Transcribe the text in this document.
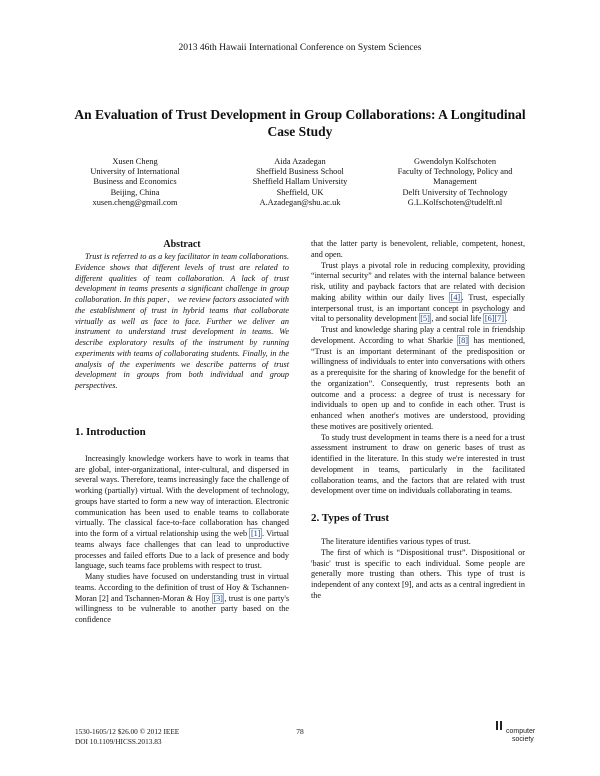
2013 46th Hawaii International Conference on System Sciences
An Evaluation of Trust Development in Group Collaborations: A Longitudinal Case Study
Xusen Cheng
University of International
Business and Economics
Beijing, China
xusen.cheng@gmail.com
Aida Azadegan
Sheffield Business School
Sheffield Hallam University
Sheffield, UK
A.Azadegan@shu.ac.uk
Gwendolyn Kolfschoten
Faculty of Technology, Policy and Management
Delft University of Technology
G.L.Kolfschoten@tudelft.nl
Abstract

Trust is referred to as a key facilitator in team collaborations. Evidence shows that different levels of trust are related to different qualities of team collaboration. A lack of trust development in teams presents a significant challenge in group collaboration. In this paper、 we review factors associated with the establishment of trust in hybrid teams that collaborate virtually as well as face to face. Further we deliver an instrument to understand trust development in teams. We describe exploratory results of the instrument by running experiments with teams of collaborating students. Finally, in the analysis of the experiments we describe patterns of trust development in groups from both individual and group perspectives.

1. Introduction

Increasingly knowledge workers have to work in teams that are global, inter-organizational, inter-cultural, and dispersed in several ways. Therefore, teams increasingly face the challenge of working (partially) virtual. With the development of technology, groups have started to form a new way of interaction. Electronic communication has been used to enable teams to collaborate virtually. The classical face-to-face collaboration has changed into the form of a virtual relationship using the web [1] . Virtual teams always face challenges that can lead to unproductive processes and failed efforts Due to a lack of presence and body language, such teams face problems with respect to trust.

Many studies have focused on understanding trust in virtual teams. According to the definition of trust of Hoy & Tschannen-Moran [2] and Tschannen-Moran & Hoy [3] , trust is one party's willingness to be vulnerable to another party based on the confidence

that the latter party is benevolent, reliable, competent, honest, and open.

Trust plays a pivotal role in reducing complexity, providing “internal security” and relates with the internal balance between risk, utility and payback factors that are related with decision making ability within our daily lives [4] . Trust, especially interpersonal trust, is an important concept in psychology and vital to personality development [5] , and social life [6][7] .

Trust and knowledge sharing play a central role in friendship development. According to what Sharkie [8] has mentioned, “Trust is an important determinant of the predisposition or willingness of individuals to enter into conversations with others as a prerequisite for the sharing of knowledge for the benefit of the organization”. Consequently, trust represents both an outcome and a process: a degree of trust is necessary for individuals to open up and to confide in each other. Trust is enhanced when another's motives are understood, providing these motives are positively oriented.

To study trust development in teams there is a need for a trust assessment instrument to draw on generic bases of trust as identified in the literature. In this study we're interested in trust development in teams, particularly in the facilitated collaboration teams, and the factors that are related with trust development over time on individuals collaborating in teams.

2. Types of Trust

The literature identifies various types of trust.

The first of which is “Dispositional trust”. Dispositional or 'basic' trust is specific to each individual. Some people are generally more trusting than others. This type of trust is independent of any context [9], and acts as a central ingredient in the

1530-1605/12 $26.00 © 2012 IEEE
DOI 10.1109/HICSS.2013.83
78	computer
society
